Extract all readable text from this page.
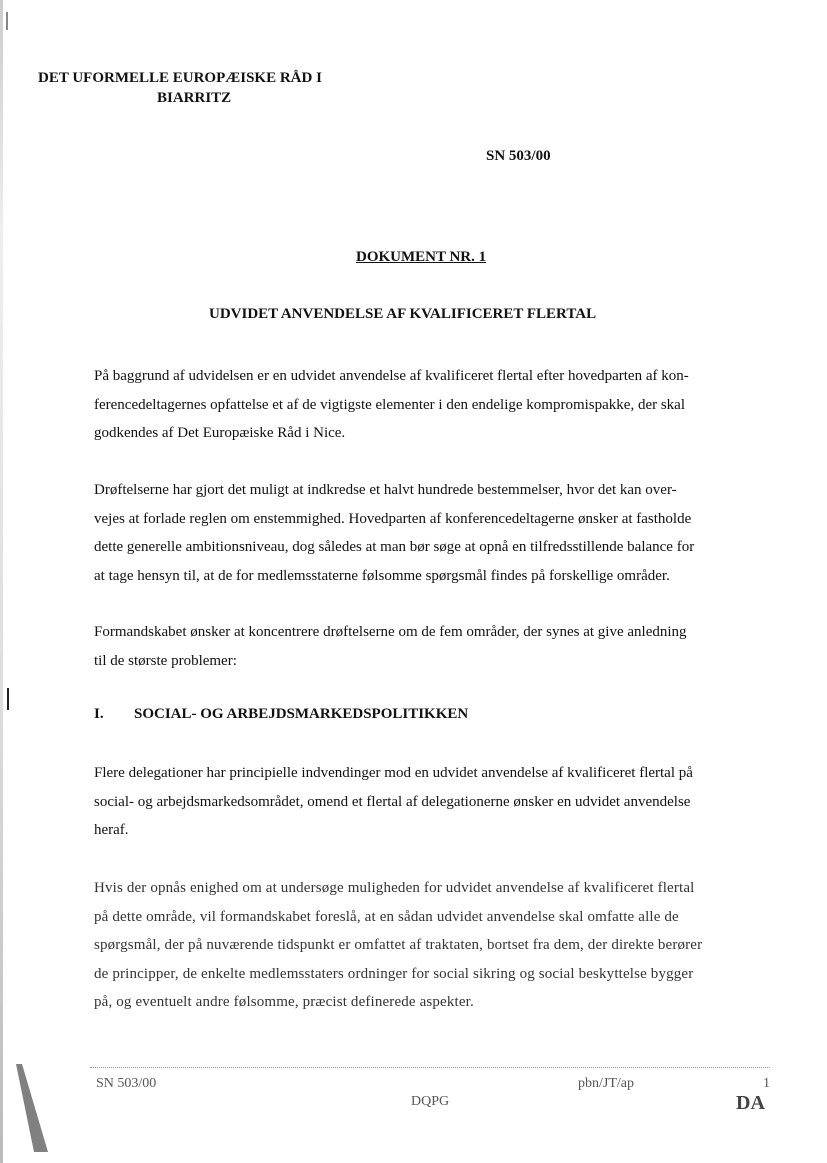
DET UFORMELLE EUROPÆISKE RÅD I
BIARRITZ
SN 503/00
DOKUMENT NR. 1
UDVIDET ANVENDELSE AF KVALIFICERET FLERTAL

På baggrund af udvidelsen er en udvidet anvendelse af kvalificeret flertal efter hovedparten af kon-

ferencedeltagernes opfattelse et af de vigtigste elementer i den endelige kompromispakke, der skal

godkendes af Det Europæiske Råd i Nice.

Drøftelserne har gjort det muligt at indkredse et halvt hundrede bestemmelser, hvor det kan over-

vejes at forlade reglen om enstemmighed. Hovedparten af konferencedeltagerne ønsker at fastholde

dette generelle ambitionsniveau, dog således at man bør søge at opnå en tilfredsstillende balance for

at tage hensyn til, at de for medlemsstaterne følsomme spørgsmål findes på forskellige områder.

Formandskabet ønsker at koncentrere drøftelserne om de fem områder, der synes at give anledning

til de største problemer:

I. SOCIAL- OG ARBEJDSMARKEDSPOLITIKKEN

Flere delegationer har principielle indvendinger mod en udvidet anvendelse af kvalificeret flertal på

social- og arbejdsmarkedsområdet, omend et flertal af delegationerne ønsker en udvidet anvendelse

heraf.

Hvis der opnås enighed om at undersøge muligheden for udvidet anvendelse af kvalificeret flertal

på dette område, vil formandskabet foreslå, at en sådan udvidet anvendelse skal omfatte alle de

spørgsmål, der på nuværende tidspunkt er omfattet af traktaten, bortset fra dem, der direkte berører

de principper, de enkelte medlemsstaters ordninger for social sikring og social beskyttelse bygger

på, og eventuelt andre følsomme, præcist definerede aspekter.

SN 503/00	pbn/JT/ap	1
DQPG	DA
